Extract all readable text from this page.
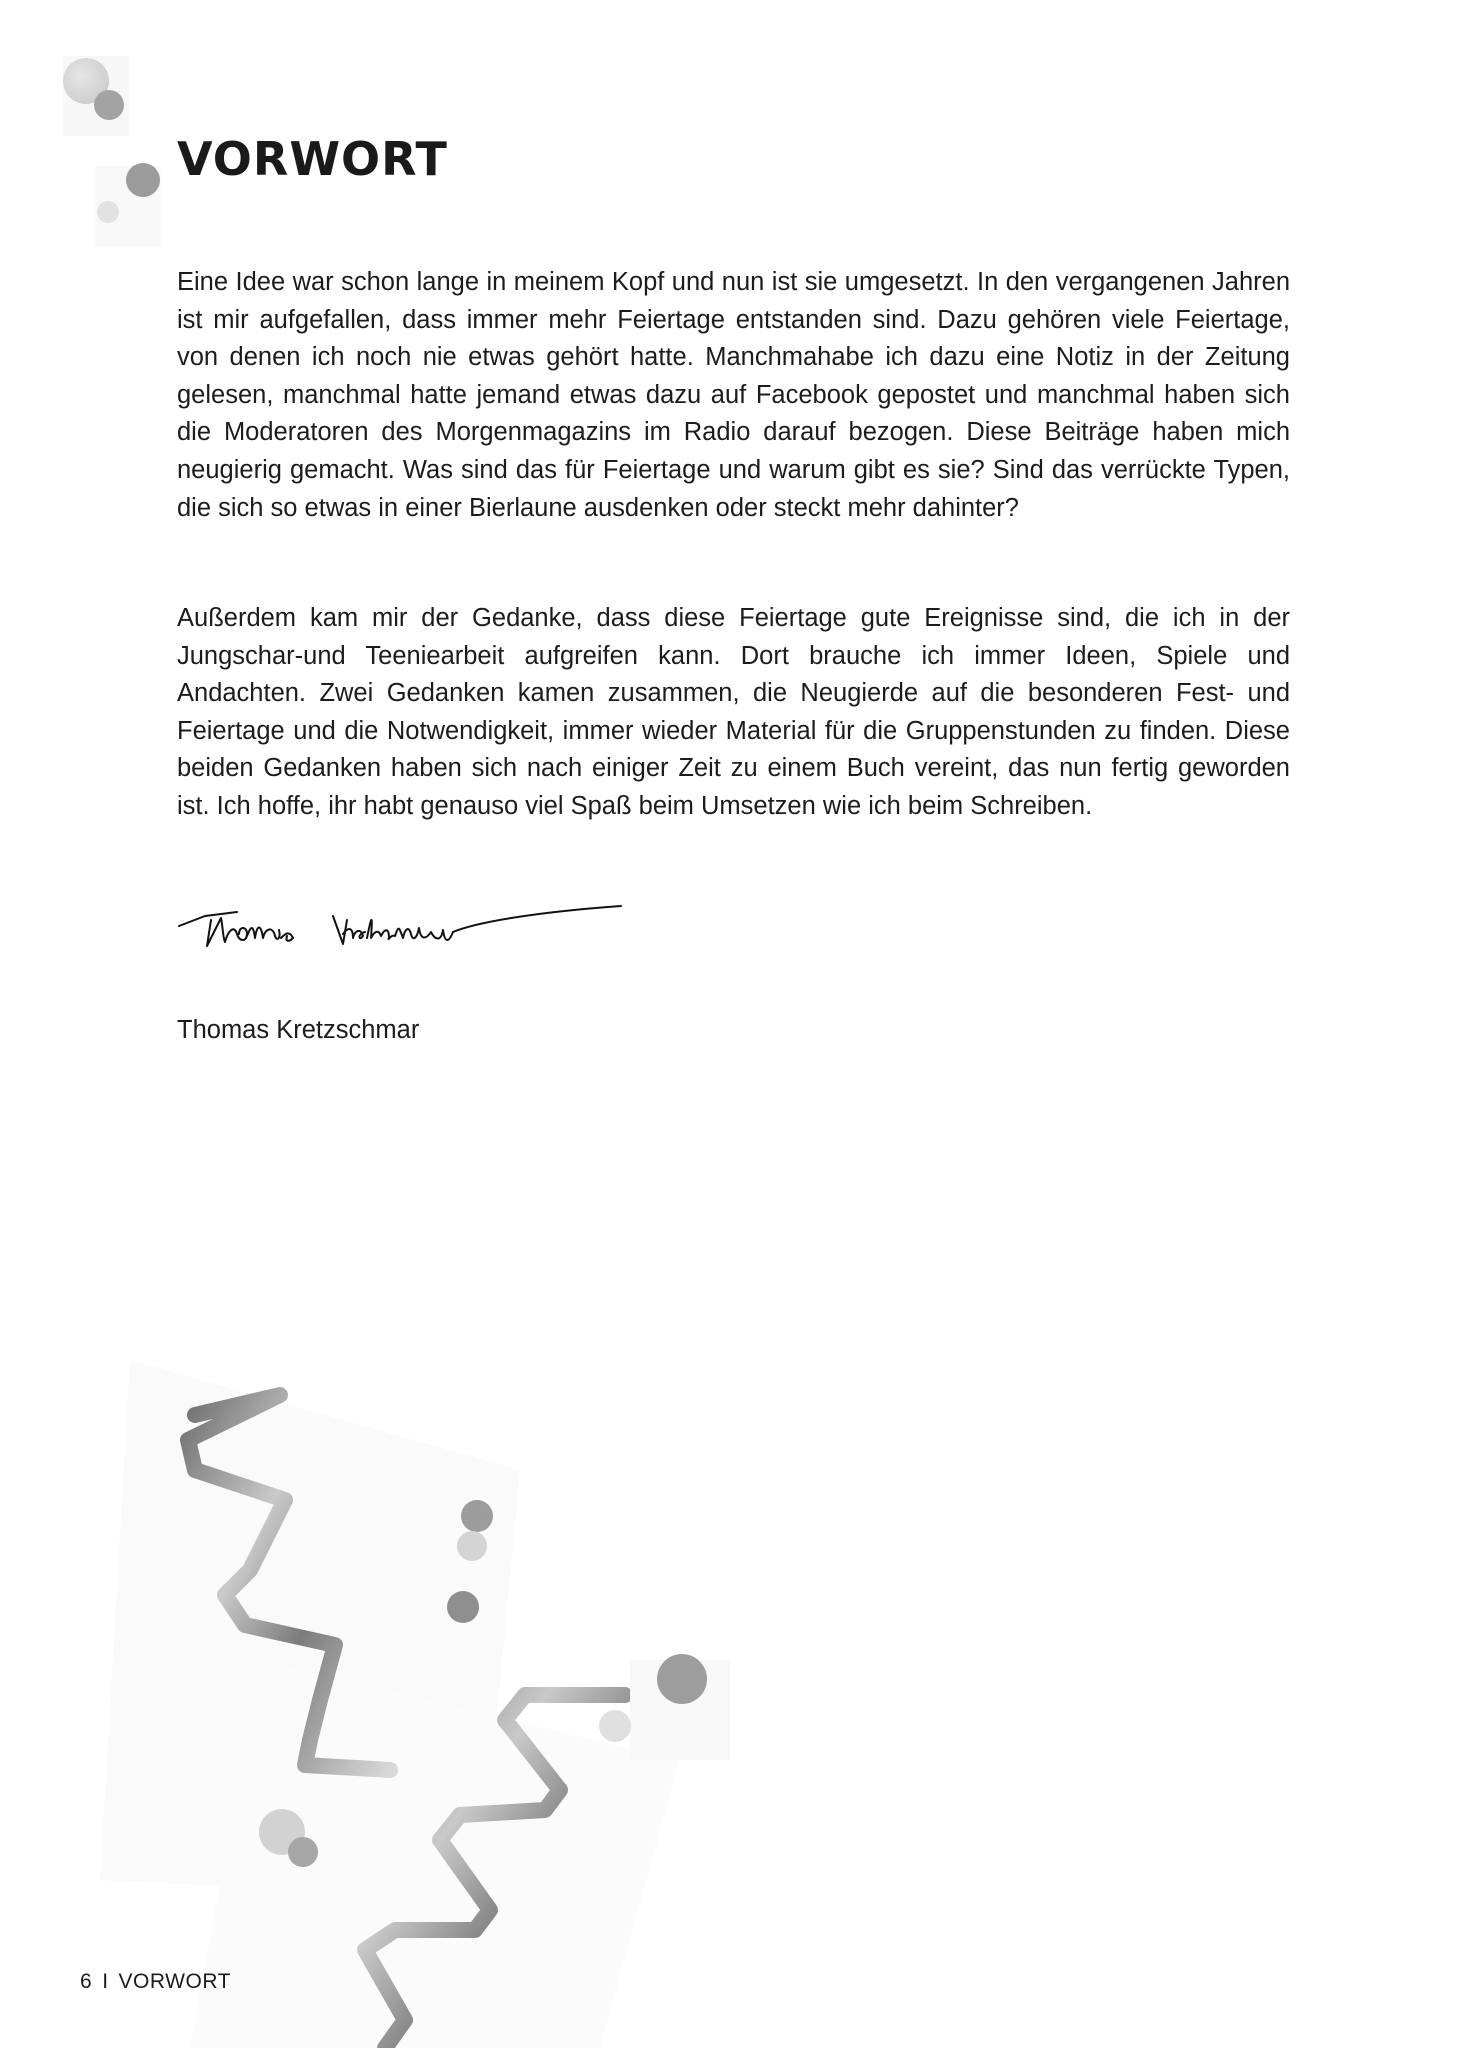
VORWORT

Eine Idee war schon lange in meinem Kopf und nun ist sie umgesetzt. In den vergangenen Jahren ist mir aufgefallen, dass immer mehr Feiertage entstanden sind. Dazu gehören viele Feiertage, von denen ich noch nie etwas gehört hatte. Manchmahabe ich dazu eine Notiz in der Zeitung gelesen, manchmal hatte jemand etwas dazu auf Facebook gepostet und manchmal haben sich die Moderatoren des Morgenmagazins im Radio darauf bezogen. Diese Beiträge haben mich neugierig gemacht. Was sind das für Feiertage und warum gibt es sie? Sind das verrückte Typen, die sich so etwas in einer Bierlaune ausdenken oder steckt mehr dahinter?

Außerdem kam mir der Gedanke, dass diese Feiertage gute Ereignisse sind, die ich in der Jungschar-und Teeniearbeit aufgreifen kann. Dort brauche ich immer Ideen, Spiele und Andachten. Zwei Gedanken kamen zusammen, die Neugierde auf die besonderen Fest- und Feiertage und die Notwendigkeit, immer wieder Material für die Gruppenstunden zu finden. Diese beiden Gedanken haben sich nach einiger Zeit zu einem Buch vereint, das nun fertig geworden ist. Ich hoffe, ihr habt genauso viel Spaß beim Umsetzen wie ich beim Schreiben.

Thomas Kretzschmar

6 I VORWORT
